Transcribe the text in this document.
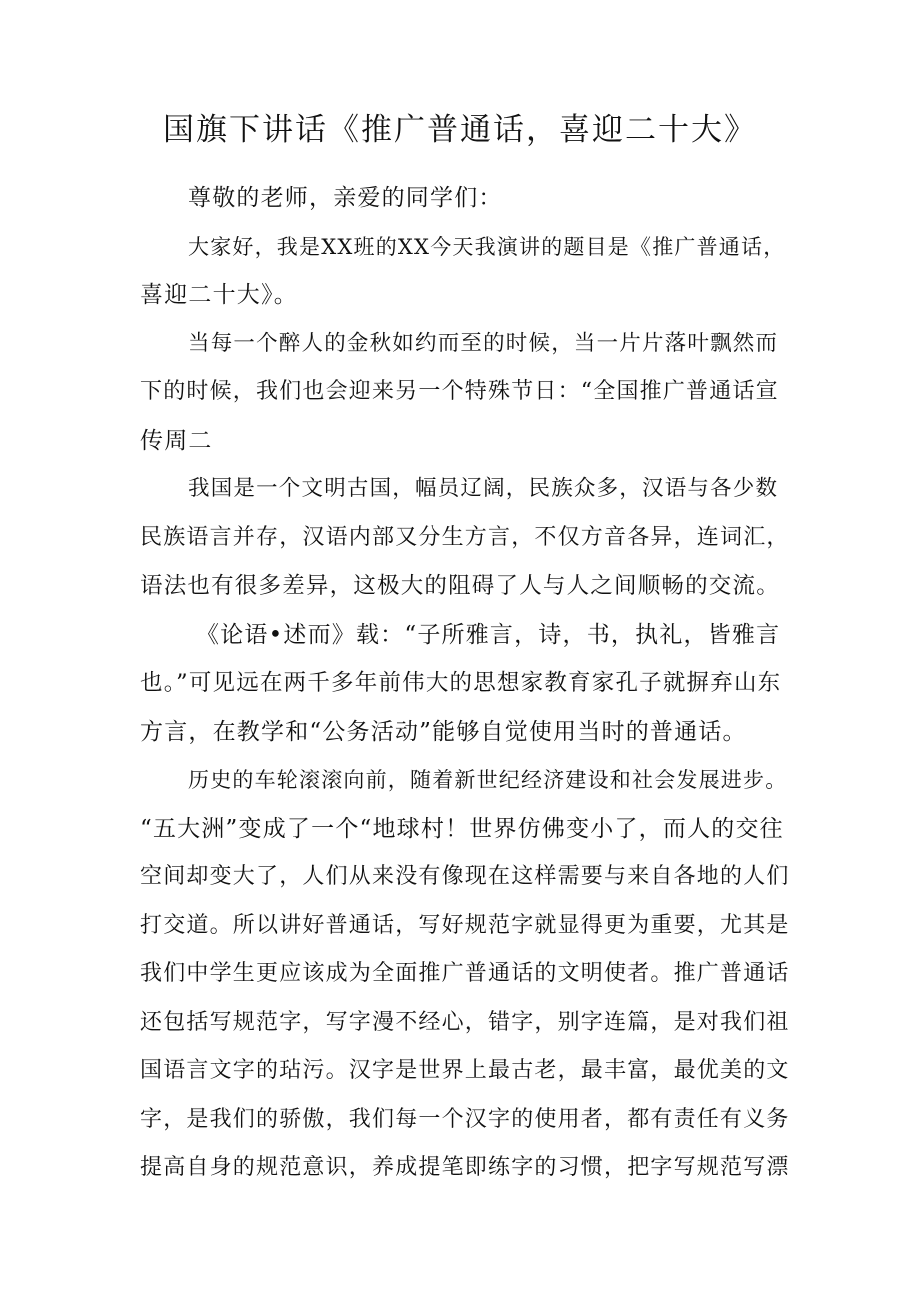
国旗下讲话《推广普通话，喜迎二十大》
尊敬的老师，亲爱的同学们：
大家好，我是XX班的XX今天我演讲的题目是《推广普通话，
喜迎二十大》。
当每一个醉人的金秋如约而至的时候，当一片片落叶飘然而
下的时候，我们也会迎来另一个特殊节日：“全国推广普通话宣
传周二
我国是一个文明古国，幅员辽阔，民族众多，汉语与各少数
民族语言并存，汉语内部又分生方言，不仅方音各异，连词汇，
语法也有很多差异，这极大的阻碍了人与人之间顺畅的交流。
《论语•述而》载：“子所雅言，诗，书，执礼，皆雅言
也。”可见远在两千多年前伟大的思想家教育家孔子就摒弃山东
方言，在教学和“公务活动”能够自觉使用当时的普通话。
历史的车轮滚滚向前，随着新世纪经济建设和社会发展进步。
“五大洲”变成了一个“地球村！世界仿佛变小了，而人的交往
空间却变大了，人们从来没有像现在这样需要与来自各地的人们
打交道。所以讲好普通话，写好规范字就显得更为重要，尤其是
我们中学生更应该成为全面推广普通话的文明使者。推广普通话
还包括写规范字，写字漫不经心，错字，别字连篇，是对我们祖
国语言文字的玷污。汉字是世界上最古老，最丰富，最优美的文
字，是我们的骄傲，我们每一个汉字的使用者，都有责任有义务
提高自身的规范意识，养成提笔即练字的习惯，把字写规范写漂
